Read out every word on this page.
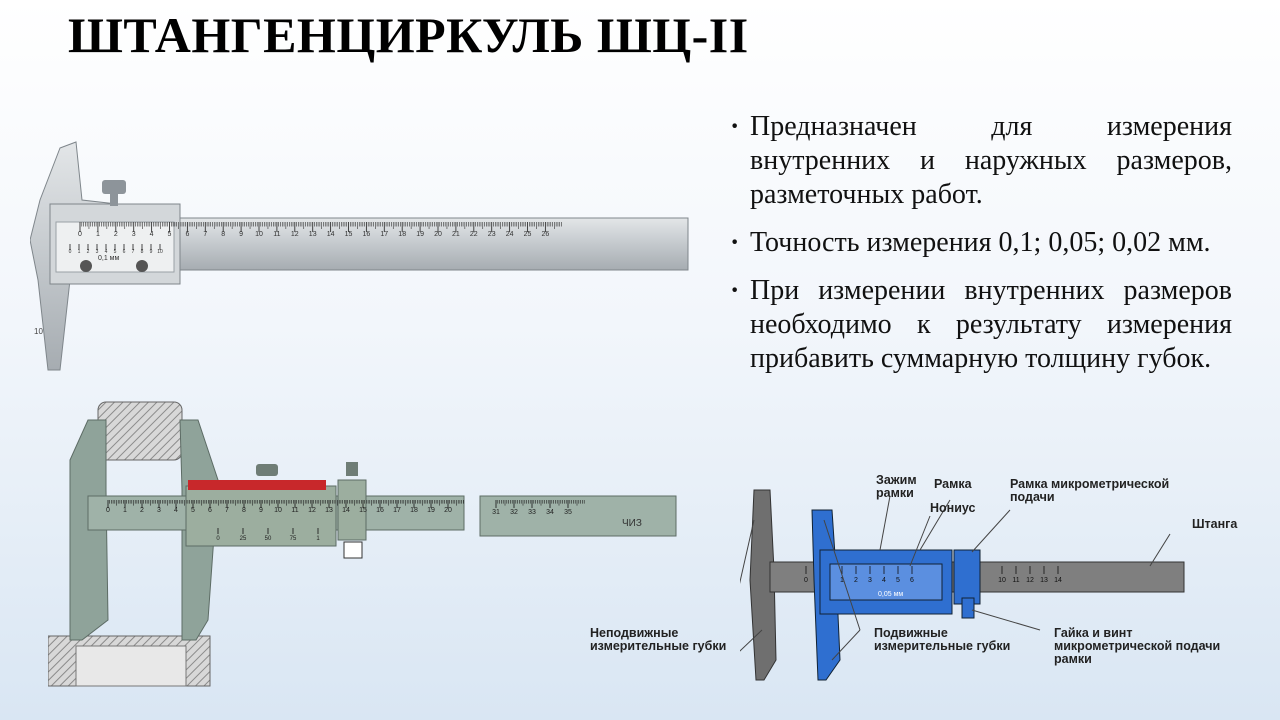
ШТАНГЕНЦИРКУЛЬ ШЦ-II
· Предназначен для измерения внутренних и наружных размеров, разметочных работ.
· Точность измерения 0,1; 0,05; 0,02 мм.
· При измерении внутренних размеров необходимо к результату измерения прибавить суммарную толщину губок.
0 1 2 3 4 5 6 7 8 9 10 11 12 13 14 15 16 17 18 19 20 21 22 23 24 25 26
0 1 2 3 4 5 6 7 8 9 10
0,1 мм
10
ЧИЗ
0 1 2 3 4 5 6 7 8 9 10 11 12 13 14 15 16 17 18 19 20	31 32 33 34 35
0	25	50	75	1
0	1 2 3 4 5 6	10 11 12 13 14
0,05 мм
Зажим рамки
Рамка
Нониус
Рамка микрометрической подачи
Штанга
Неподвижные измерительные губки
Подвижные измерительные губки
Гайка и винт микрометрической подачи рамки
